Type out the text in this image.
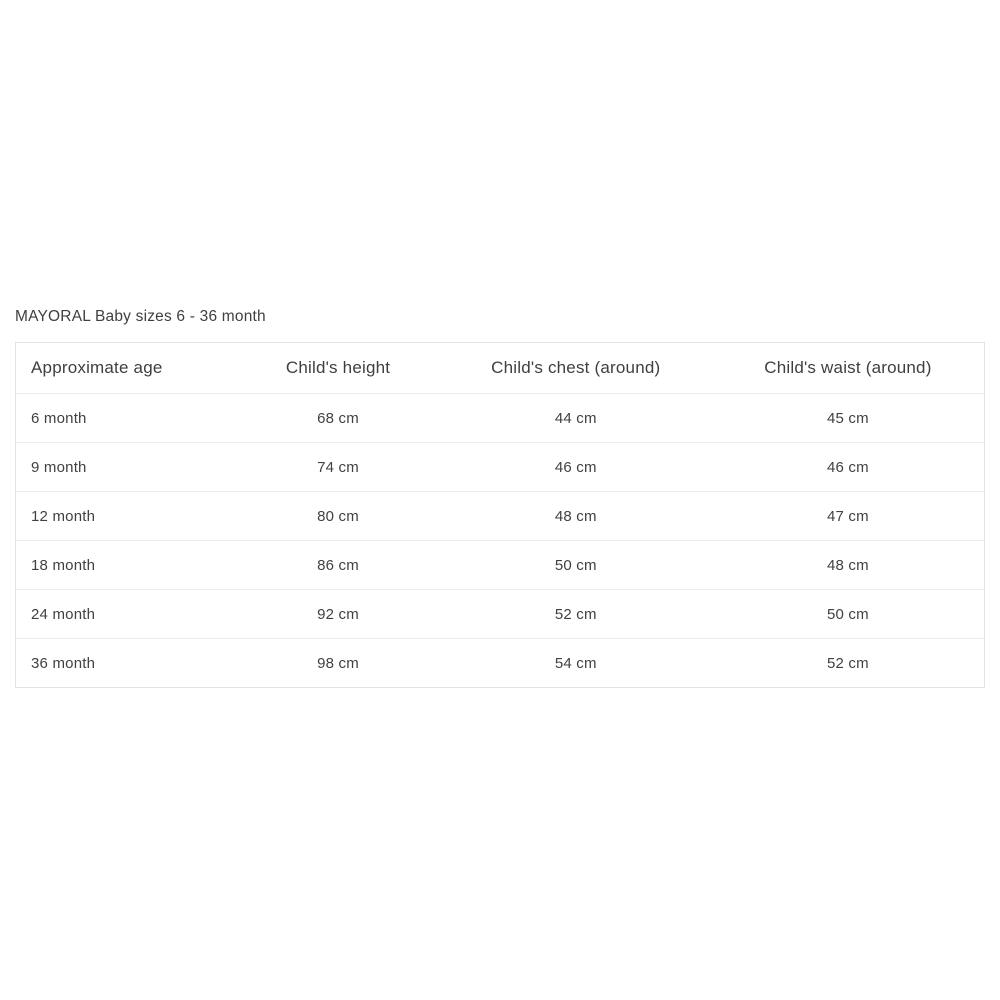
MAYORAL Baby sizes 6 - 36 month
Approximate age	Child's height	Child's chest (around)	Child's waist (around)
6 month	68 cm	44 cm	45 cm
9 month	74 cm	46 cm	46 cm
12 month	80 cm	48 cm	47 cm
18 month	86 cm	50 cm	48 cm
24 month	92 cm	52 cm	50 cm
36 month	98 cm	54 cm	52 cm
